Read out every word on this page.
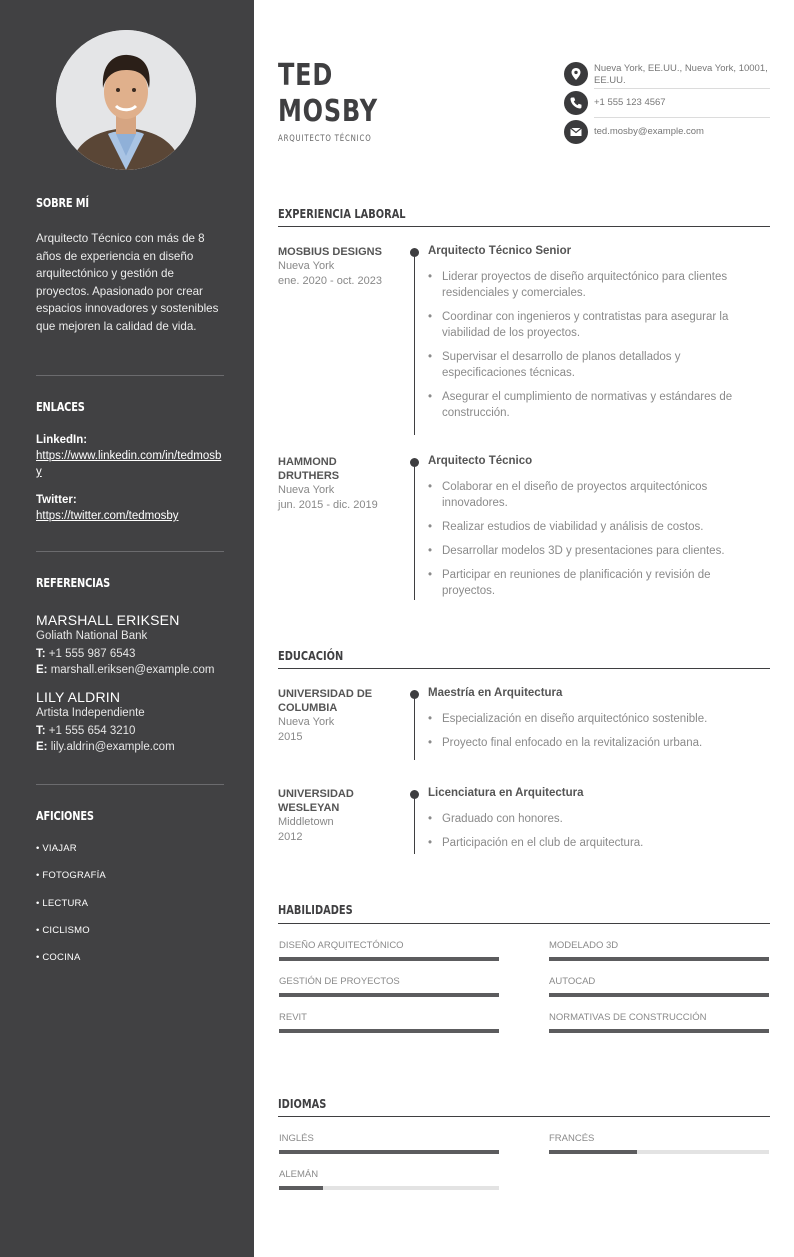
SOBRE MÍ
Arquitecto Técnico con más de 8 años de experiencia en diseño arquitectónico y gestión de proyectos. Apasionado por crear espacios innovadores y sostenibles que mejoren la calidad de vida.
ENLACES
LinkedIn:
https://www.linkedin.com/in/tedmosby
Twitter:
https://twitter.com/tedmosby
REFERENCIAS
MARSHALL ERIKSEN
Goliath National Bank
T: +1 555 987 6543
E: marshall.eriksen@example.com
LILY ALDRIN
Artista Independiente
T: +1 555 654 3210
E: lily.aldrin@example.com
AFICIONES
• VIAJAR
• FOTOGRAFÍA
• LECTURA
• CICLISMO
• COCINA
TED
MOSBY
ARQUITECTO TÉCNICO
Nueva York, EE.UU., Nueva York, 10001, EE.UU.
+1 555 123 4567
ted.mosby@example.com
EXPERIENCIA LABORAL
MOSBIUS DESIGNS
Nueva York
ene. 2020 - oct. 2023
Arquitecto Técnico Senior
• Liderar proyectos de diseño arquitectónico para clientes residenciales y comerciales.
• Coordinar con ingenieros y contratistas para asegurar la viabilidad de los proyectos.
• Supervisar el desarrollo de planos detallados y especificaciones técnicas.
• Asegurar el cumplimiento de normativas y estándares de construcción.
HAMMOND DRUTHERS
Nueva York
jun. 2015 - dic. 2019
Arquitecto Técnico
• Colaborar en el diseño de proyectos arquitectónicos innovadores.
• Realizar estudios de viabilidad y análisis de costos.
• Desarrollar modelos 3D y presentaciones para clientes.
• Participar en reuniones de planificación y revisión de proyectos.
EDUCACIÓN
UNIVERSIDAD DE COLUMBIA
Nueva York
2015
Maestría en Arquitectura
• Especialización en diseño arquitectónico sostenible.
• Proyecto final enfocado en la revitalización urbana.
UNIVERSIDAD WESLEYAN
Middletown
2012
Licenciatura en Arquitectura
• Graduado con honores.
• Participación en el club de arquitectura.
HABILIDADES
DISEÑO ARQUITECTÓNICO	MODELADO 3D
GESTIÓN DE PROYECTOS	AUTOCAD
REVIT	NORMATIVAS DE CONSTRUCCIÓN
IDIOMAS
INGLÉS	FRANCÉS
ALEMÁN
